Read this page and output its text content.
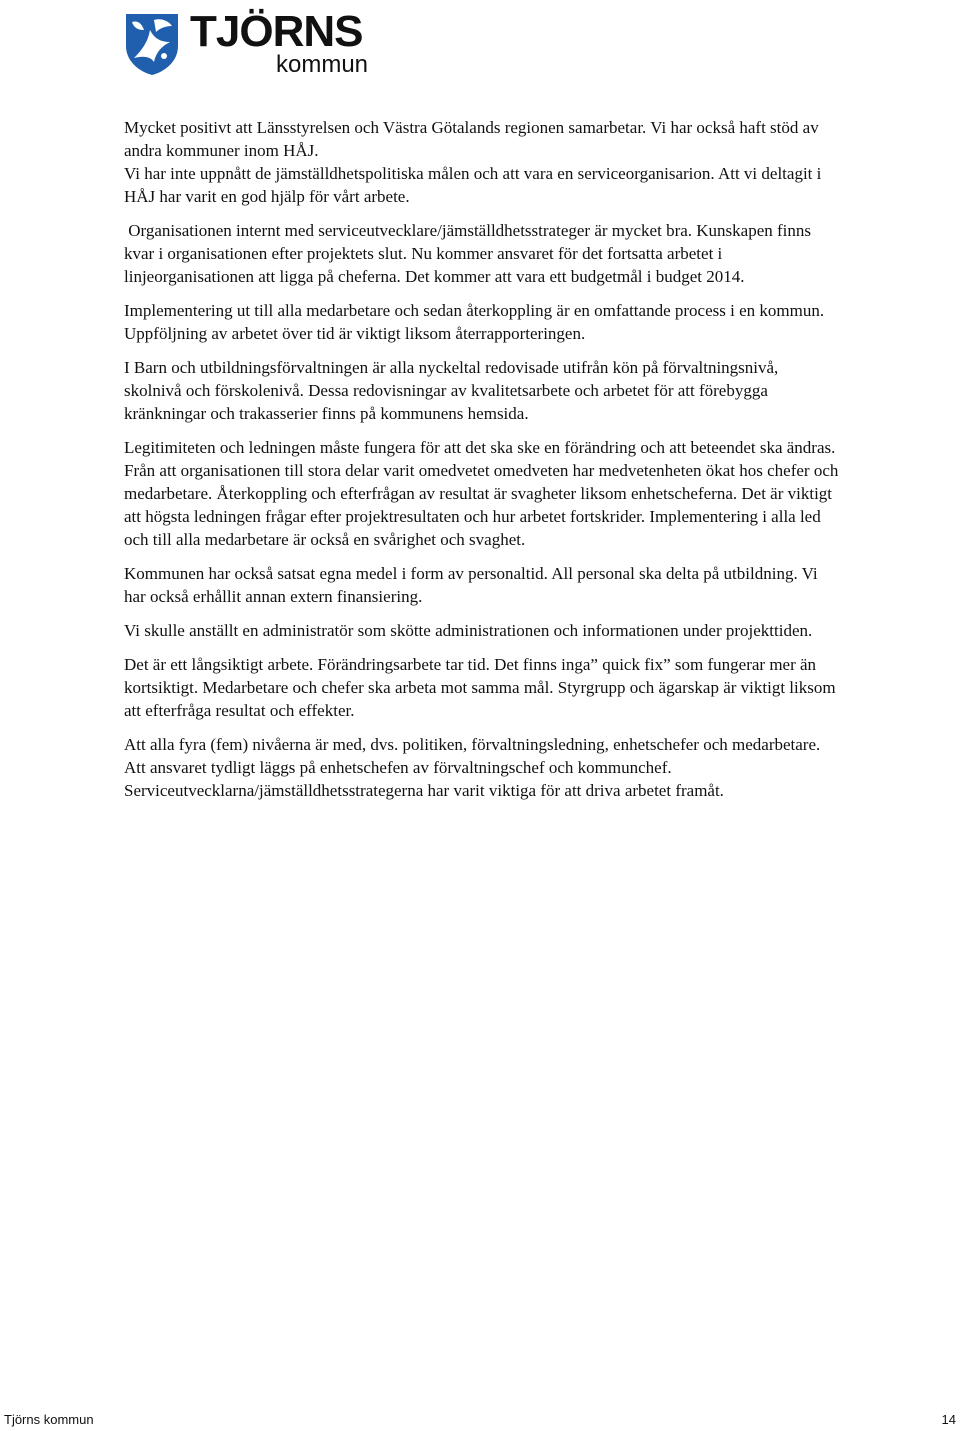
TJÖRNS
kommun

Mycket positivt att Länsstyrelsen och Västra Götalands regionen samarbetar. Vi har också haft stöd av andra kommuner inom HÅJ.

Vi har inte uppnått de jämställdhetspolitiska målen och att vara en serviceorganisarion. Att vi deltagit i HÅJ har varit en god hjälp för vårt arbete.

Organisationen internt med serviceutvecklare/jämställdhetsstrateger är mycket bra. Kunskapen finns kvar i organisationen efter projektets slut. Nu kommer ansvaret för det fortsatta arbetet i linjeorganisationen att ligga på cheferna. Det kommer att vara ett budgetmål i budget 2014.

Implementering ut till alla medarbetare och sedan återkoppling är en omfattande process i en kommun. Uppföljning av arbetet över tid är viktigt liksom återrapporteringen.

I Barn och utbildningsförvaltningen är alla nyckeltal redovisade utifrån kön på förvaltningsnivå, skolnivå och förskolenivå. Dessa redovisningar av kvalitetsarbete och arbetet för att förebygga kränkningar och trakasserier finns på kommunens hemsida.

Legitimiteten och ledningen måste fungera för att det ska ske en förändring och att beteendet ska ändras. Från att organisationen till stora delar varit omedvetet omedveten har medvetenheten ökat hos chefer och medarbetare. Återkoppling och efterfrågan av resultat är svagheter liksom enhetscheferna. Det är viktigt att högsta ledningen frågar efter projektresultaten och hur arbetet fortskrider. Implementering i alla led och till alla medarbetare är också en svårighet och svaghet.

Kommunen har också satsat egna medel i form av personaltid. All personal ska delta på utbildning. Vi har också erhållit annan extern finansiering.

Vi skulle anställt en administratör som skötte administrationen och informationen under projekttiden.

Det är ett långsiktigt arbete. Förändringsarbete tar tid. Det finns inga” quick fix” som fungerar mer än kortsiktigt. Medarbetare och chefer ska arbeta mot samma mål. Styrgrupp och ägarskap är viktigt liksom att efterfråga resultat och effekter.

Att alla fyra (fem) nivåerna är med, dvs. politiken, förvaltningsledning, enhetschefer och medarbetare. Att ansvaret tydligt läggs på enhetschefen av förvaltningschef och kommunchef. Serviceutvecklarna/jämställdhetsstrategerna har varit viktiga för att driva arbetet framåt.

Tjörns kommun	14
